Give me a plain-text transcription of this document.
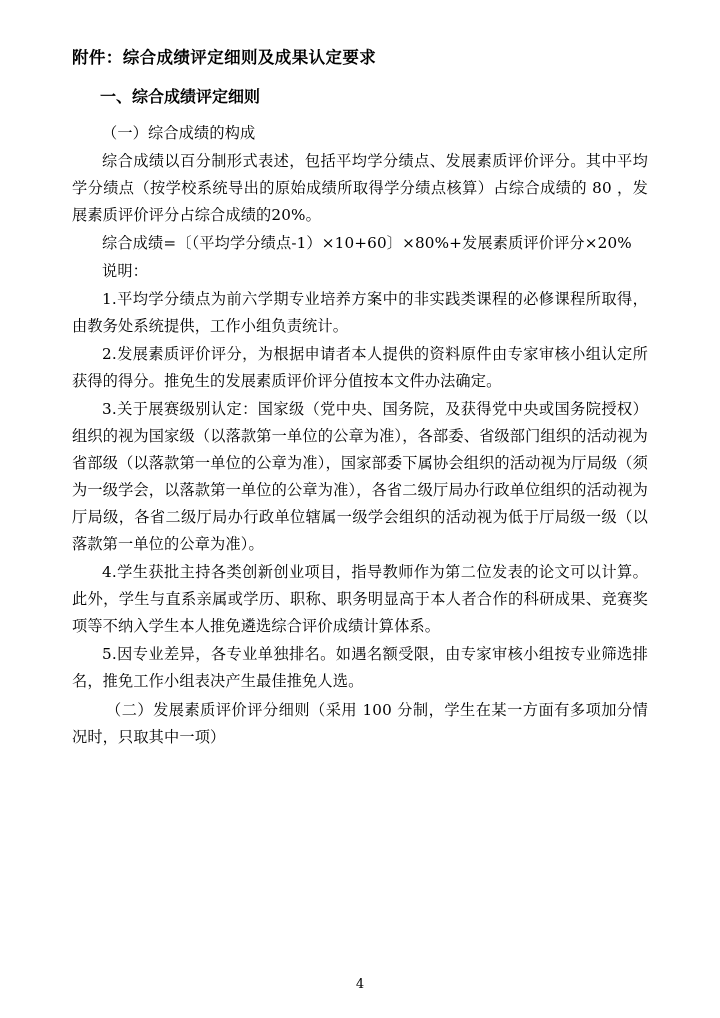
附件：综合成绩评定细则及成果认定要求
一、综合成绩评定细则

（一）综合成绩的构成

综合成绩以百分制形式表述，包括平均学分绩点、发展素质评价评分。其中平均学分绩点（按学校系统导出的原始成绩所取得学分绩点核算）占综合成绩的 80 ，发展素质评价评分占综合成绩的20%。

综合成绩=〔（平均学分绩点-1）×10+60〕×80%+发展素质评价评分×20%

说明：

1.平均学分绩点为前六学期专业培养方案中的非实践类课程的必修课程所取得，由教务处系统提供，工作小组负责统计。

2.发展素质评价评分，为根据申请者本人提供的资料原件由专家审核小组认定所获得的得分。推免生的发展素质评价评分值按本文件办法确定。

3.关于展赛级别认定：国家级（党中央、国务院，及获得党中央或国务院授权）组织的视为国家级（以落款第一单位的公章为准），各部委、省级部门组织的活动视为省部级（以落款第一单位的公章为准），国家部委下属协会组织的活动视为厅局级（须为一级学会，以落款第一单位的公章为准），各省二级厅局办行政单位组织的活动视为厅局级，各省二级厅局办行政单位辖属一级学会组织的活动视为低于厅局级一级（以落款第一单位的公章为准）。

4.学生获批主持各类创新创业项目，指导教师作为第二位发表的论文可以计算。此外，学生与直系亲属或学历、职称、职务明显高于本人者合作的科研成果、竞赛奖项等不纳入学生本人推免遴选综合评价成绩计算体系。

5.因专业差异，各专业单独排名。如遇名额受限，由专家审核小组按专业筛选排名，推免工作小组表决产生最佳推免人选。

（二）发展素质评价评分细则（采用 100 分制，学生在某一方面有多项加分情况时，只取其中一项）

4
